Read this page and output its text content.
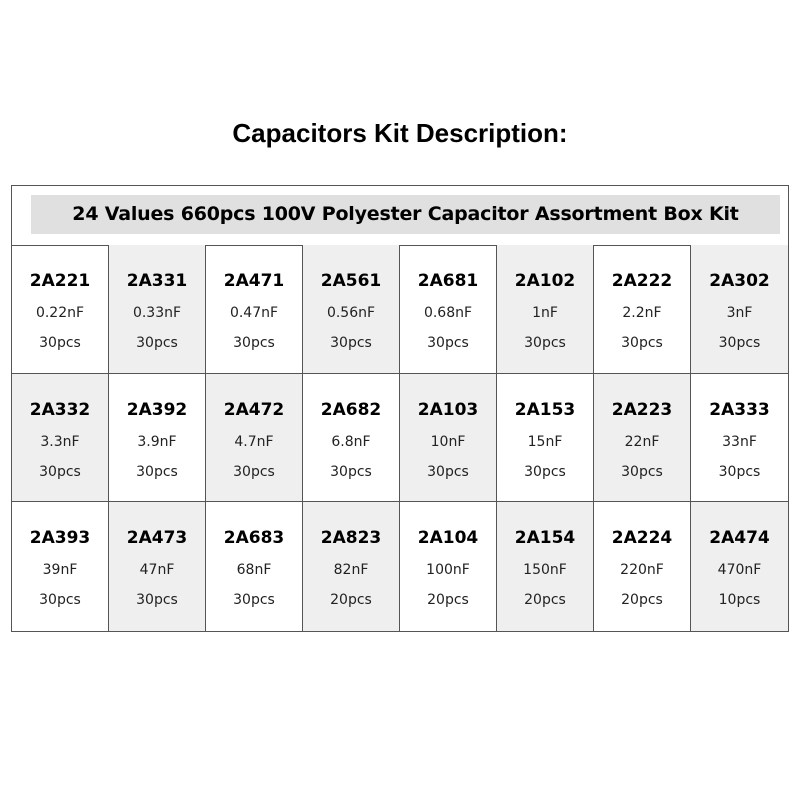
Capacitors Kit Description:
24 Values 660pcs 100V Polyester Capacitor Assortment Box Kit
2A221
0.22nF
30pcs
2A331
0.33nF
30pcs
2A471
0.47nF
30pcs
2A561
0.56nF
30pcs
2A681
0.68nF
30pcs
2A102
1nF
30pcs
2A222
2.2nF
30pcs
2A302
3nF
30pcs
2A332
3.3nF
30pcs
2A392
3.9nF
30pcs
2A472
4.7nF
30pcs
2A682
6.8nF
30pcs
2A103
10nF
30pcs
2A153
15nF
30pcs
2A223
22nF
30pcs
2A333
33nF
30pcs
2A393
39nF
30pcs
2A473
47nF
30pcs
2A683
68nF
30pcs
2A823
82nF
20pcs
2A104
100nF
20pcs
2A154
150nF
20pcs
2A224
220nF
20pcs
2A474
470nF
10pcs
